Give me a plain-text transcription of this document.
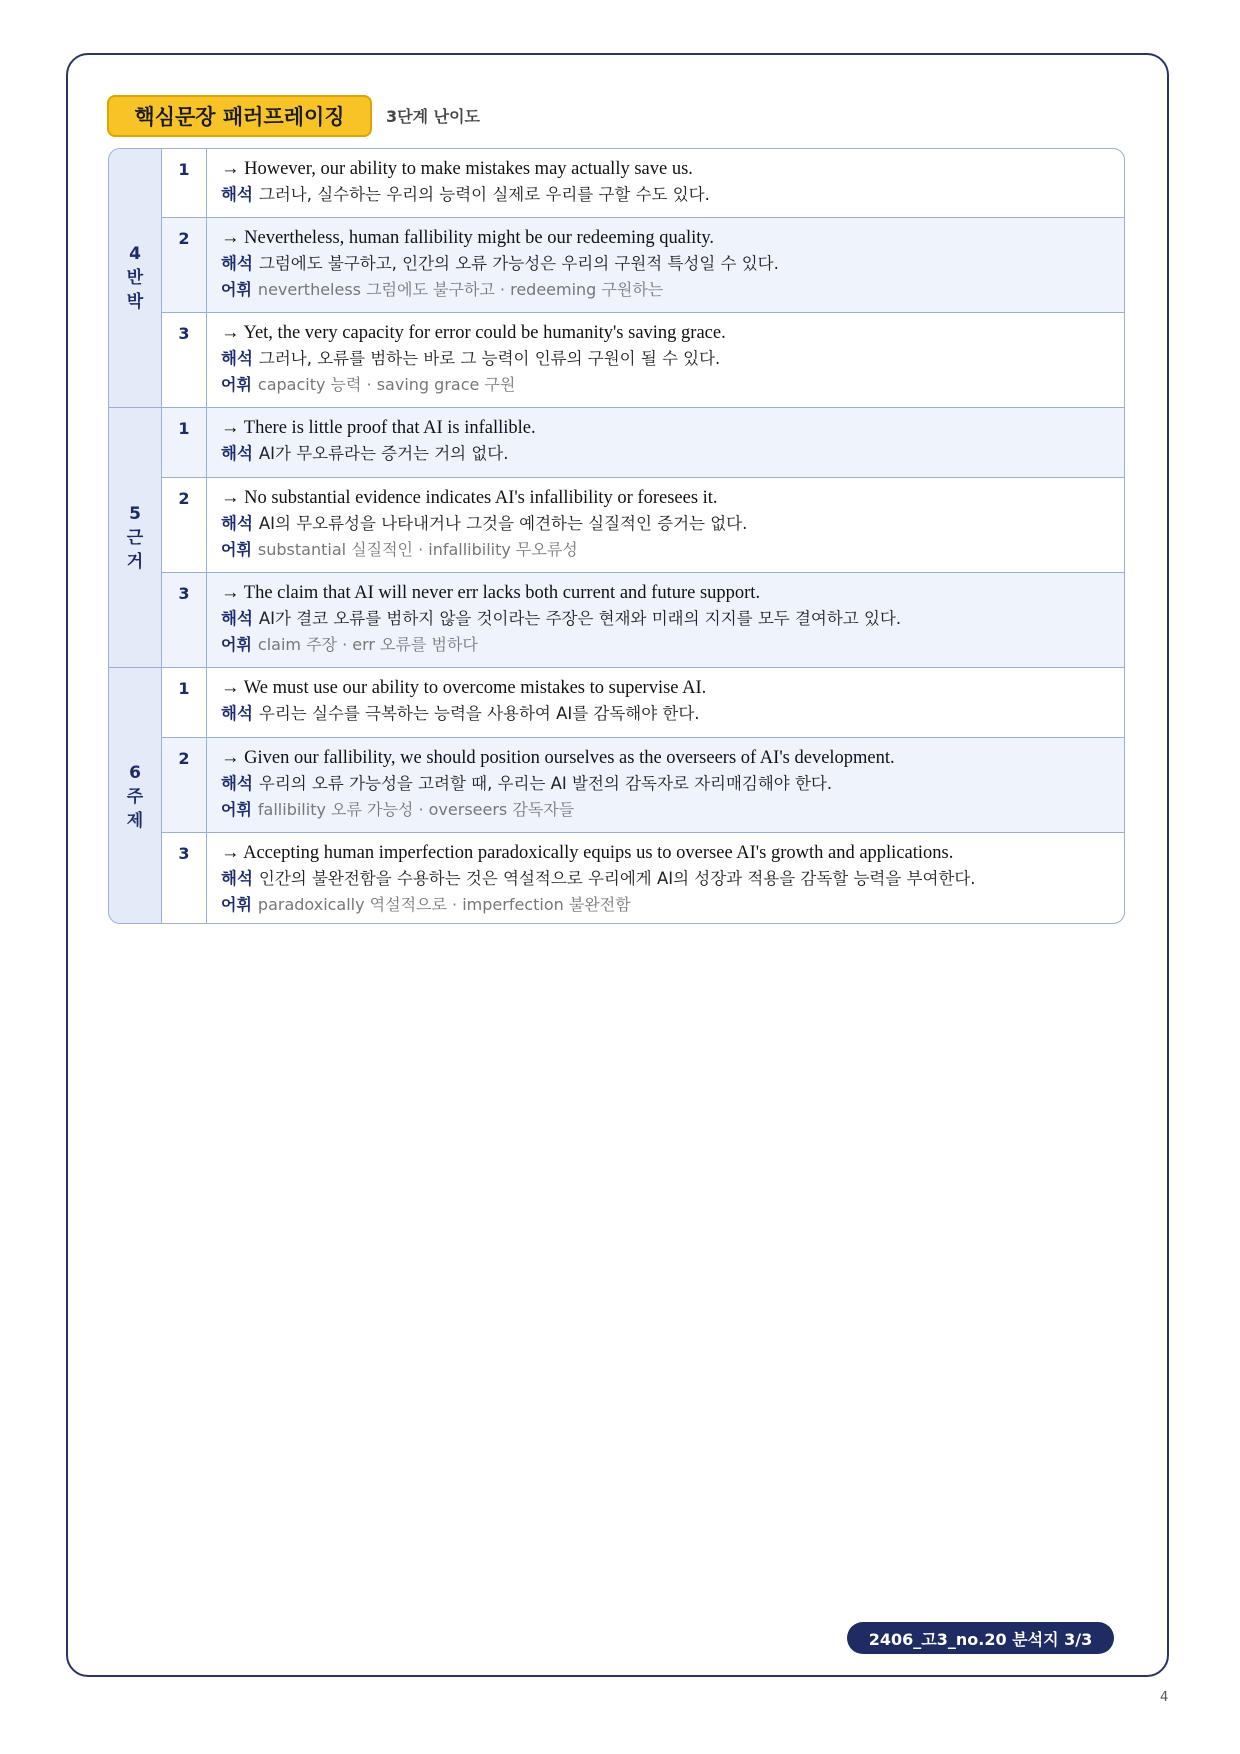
핵심문장 패러프레이징	3단계 난이도
4
반
박
1	→ However, our ability to make mistakes may actually save us.
해석 그러나, 실수하는 우리의 능력이 실제로 우리를 구할 수도 있다.
2	→ Nevertheless, human fallibility might be our redeeming quality.
해석 그럼에도 불구하고, 인간의 오류 가능성은 우리의 구원적 특성일 수 있다.
어휘 nevertheless 그럼에도 불구하고 · redeeming 구원하는
3	→ Yet, the very capacity for error could be humanity's saving grace.
해석 그러나, 오류를 범하는 바로 그 능력이 인류의 구원이 될 수 있다.
어휘 capacity 능력 · saving grace 구원
5
근
거
1	→ There is little proof that AI is infallible.
해석 AI가 무오류라는 증거는 거의 없다.
2	→ No substantial evidence indicates AI's infallibility or foresees it.
해석 AI의 무오류성을 나타내거나 그것을 예견하는 실질적인 증거는 없다.
어휘 substantial 실질적인 · infallibility 무오류성
3	→ The claim that AI will never err lacks both current and future support.
해석 AI가 결코 오류를 범하지 않을 것이라는 주장은 현재와 미래의 지지를 모두 결여하고 있다.
어휘 claim 주장 · err 오류를 범하다
6
주
제
1	→ We must use our ability to overcome mistakes to supervise AI.
해석 우리는 실수를 극복하는 능력을 사용하여 AI를 감독해야 한다.
2	→ Given our fallibility, we should position ourselves as the overseers of AI's development.
해석 우리의 오류 가능성을 고려할 때, 우리는 AI 발전의 감독자로 자리매김해야 한다.
어휘 fallibility 오류 가능성 · overseers 감독자들
3	→ Accepting human imperfection paradoxically equips us to oversee AI's growth and applications.
해석 인간의 불완전함을 수용하는 것은 역설적으로 우리에게 AI의 성장과 적용을 감독할 능력을 부여한다.
어휘 paradoxically 역설적으로 · imperfection 불완전함
2406_고3_no.20 분석지 3/3
4
